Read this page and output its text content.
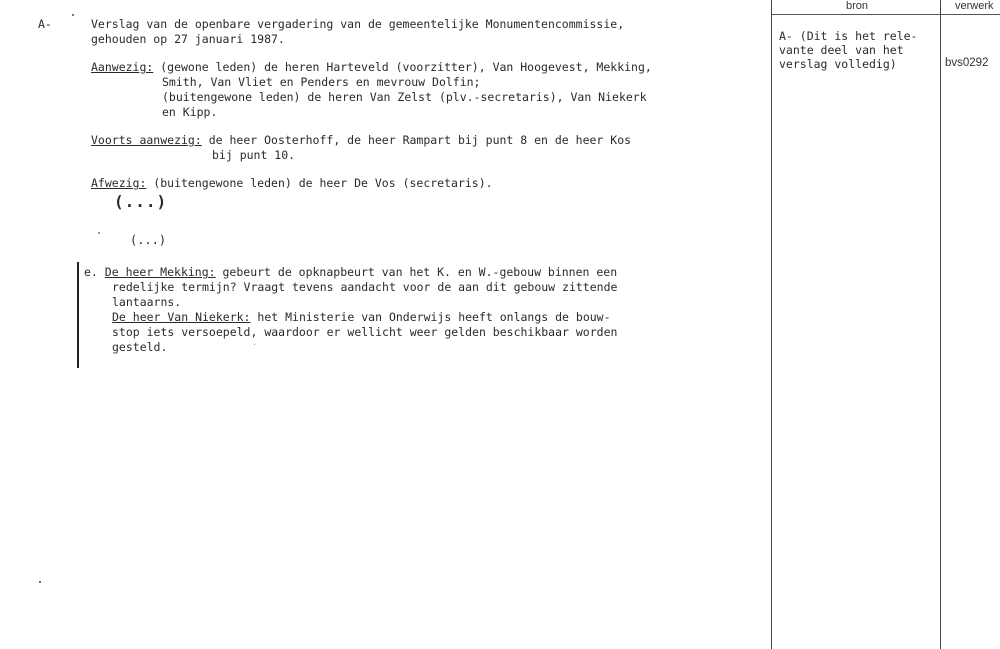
bron	verwerk
A-	Verslag van de openbare vergadering van de gemeentelijke Monumentencommissie,
gehouden op 27 januari 1987.
Aanwezig: (gewone leden) de heren Harteveld (voorzitter), Van Hoogevest, Mekking,
Smith, Van Vliet en Penders en mevrouw Dolfin;
(buitengewone leden) de heren Van Zelst (plv.-secretaris), Van Niekerk
en Kipp.
Voorts aanwezig: de heer Oosterhoff, de heer Rampart bij punt 8 en de heer Kos
bij punt 10.
Afwezig: (buitengewone leden) de heer De Vos (secretaris).
(...)
(...)
e. De heer Mekking: gebeurt de opknapbeurt van het K. en W.-gebouw binnen een
redelijke termijn? Vraagt tevens aandacht voor de aan dit gebouw zittende
lantaarns.
De heer Van Niekerk: het Ministerie van Onderwijs heeft onlangs de bouw-
stop iets versoepeld, waardoor er wellicht weer gelden beschikbaar worden
gesteld.
A- (Dit is het rele-
vante deel van het
verslag volledig)	bvs0292
